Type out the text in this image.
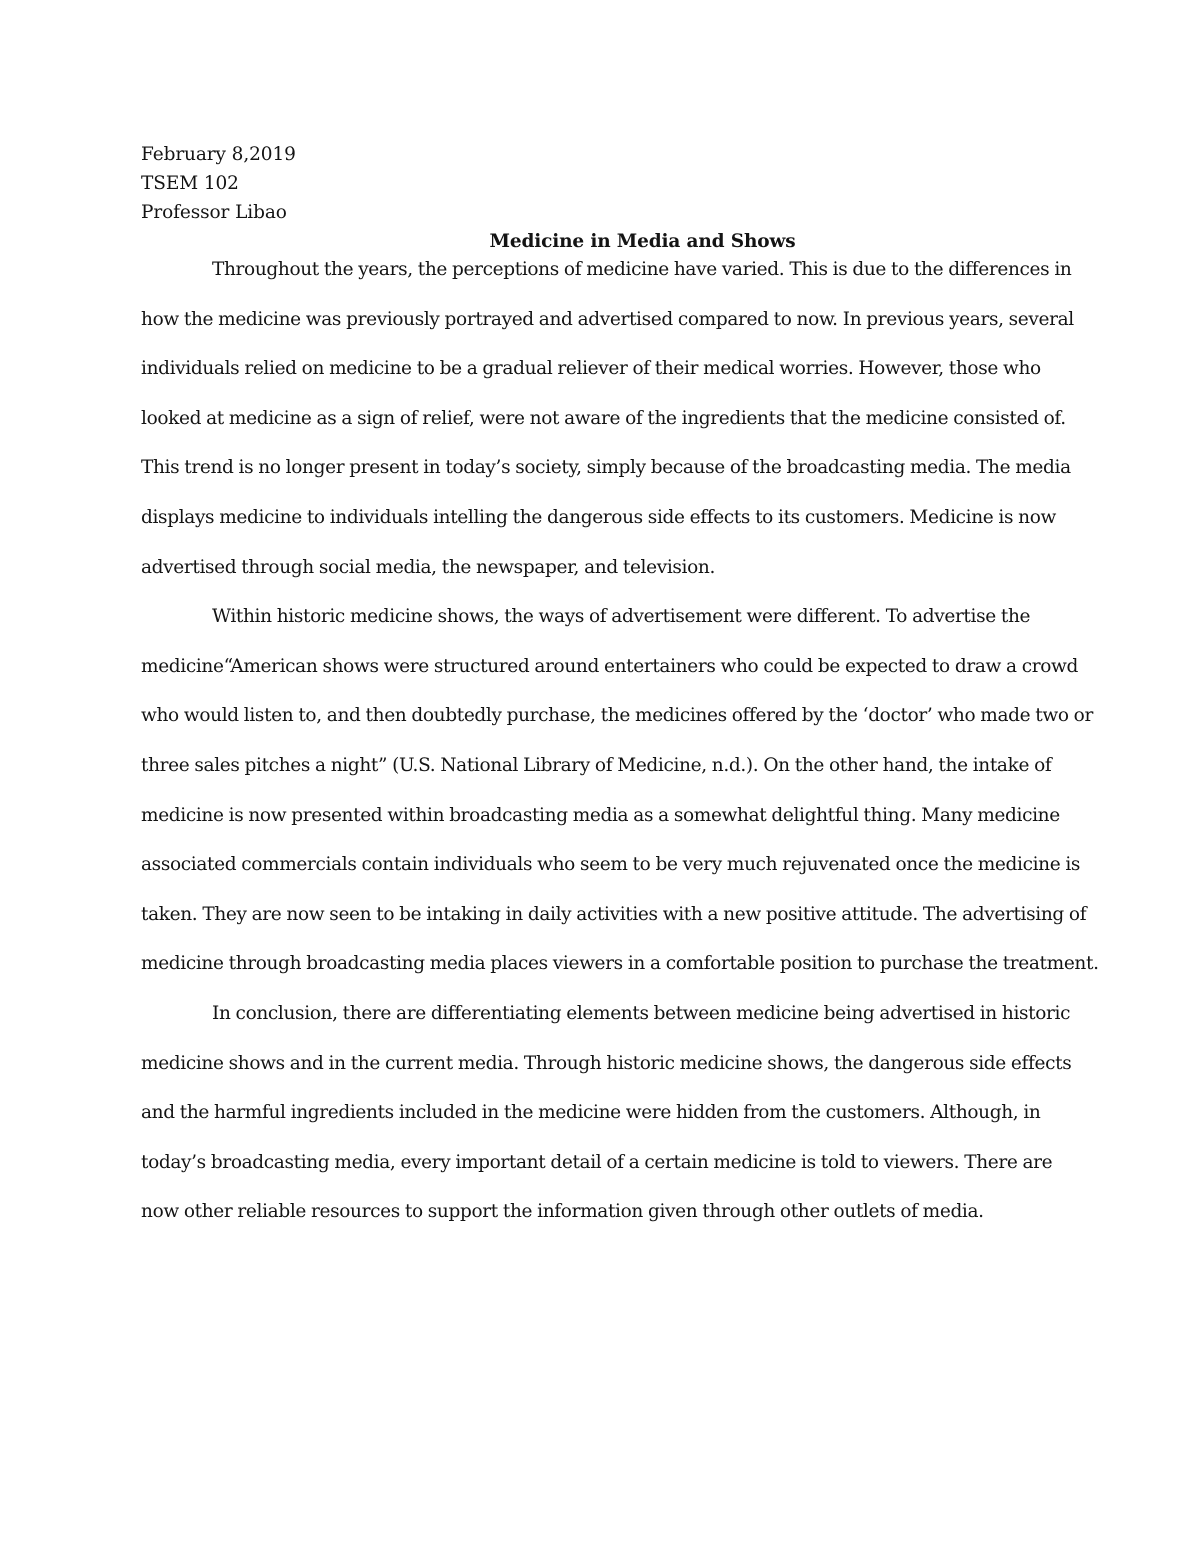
February 8,2019
TSEM 102
Professor Libao
Medicine in Media and Shows
Throughout the years, the perceptions of medicine have varied. This is due to the differences in
how the medicine was previously portrayed and advertised compared to now. In previous years, several
individuals relied on medicine to be a gradual reliever of their medical worries. However, those who
looked at medicine as a sign of relief, were not aware of the ingredients that the medicine consisted of.
This trend is no longer present in today’s society, simply because of the broadcasting media. The media
displays medicine to individuals intelling the dangerous side effects to its customers. Medicine is now
advertised through social media, the newspaper, and television.
Within historic medicine shows, the ways of advertisement were different. To advertise the
medicine“American shows were structured around entertainers who could be expected to draw a crowd
who would listen to, and then doubtedly purchase, the medicines offered by the ‘doctor’ who made two or
three sales pitches a night” (U.S. National Library of Medicine, n.d.). On the other hand, the intake of
medicine is now presented within broadcasting media as a somewhat delightful thing. Many medicine
associated commercials contain individuals who seem to be very much rejuvenated once the medicine is
taken. They are now seen to be intaking in daily activities with a new positive attitude. The advertising of
medicine through broadcasting media places viewers in a comfortable position to purchase the treatment.
In conclusion, there are differentiating elements between medicine being advertised in historic
medicine shows and in the current media. Through historic medicine shows, the dangerous side effects
and the harmful ingredients included in the medicine were hidden from the customers. Although, in
today’s broadcasting media, every important detail of a certain medicine is told to viewers. There are
now other reliable resources to support the information given through other outlets of media.
